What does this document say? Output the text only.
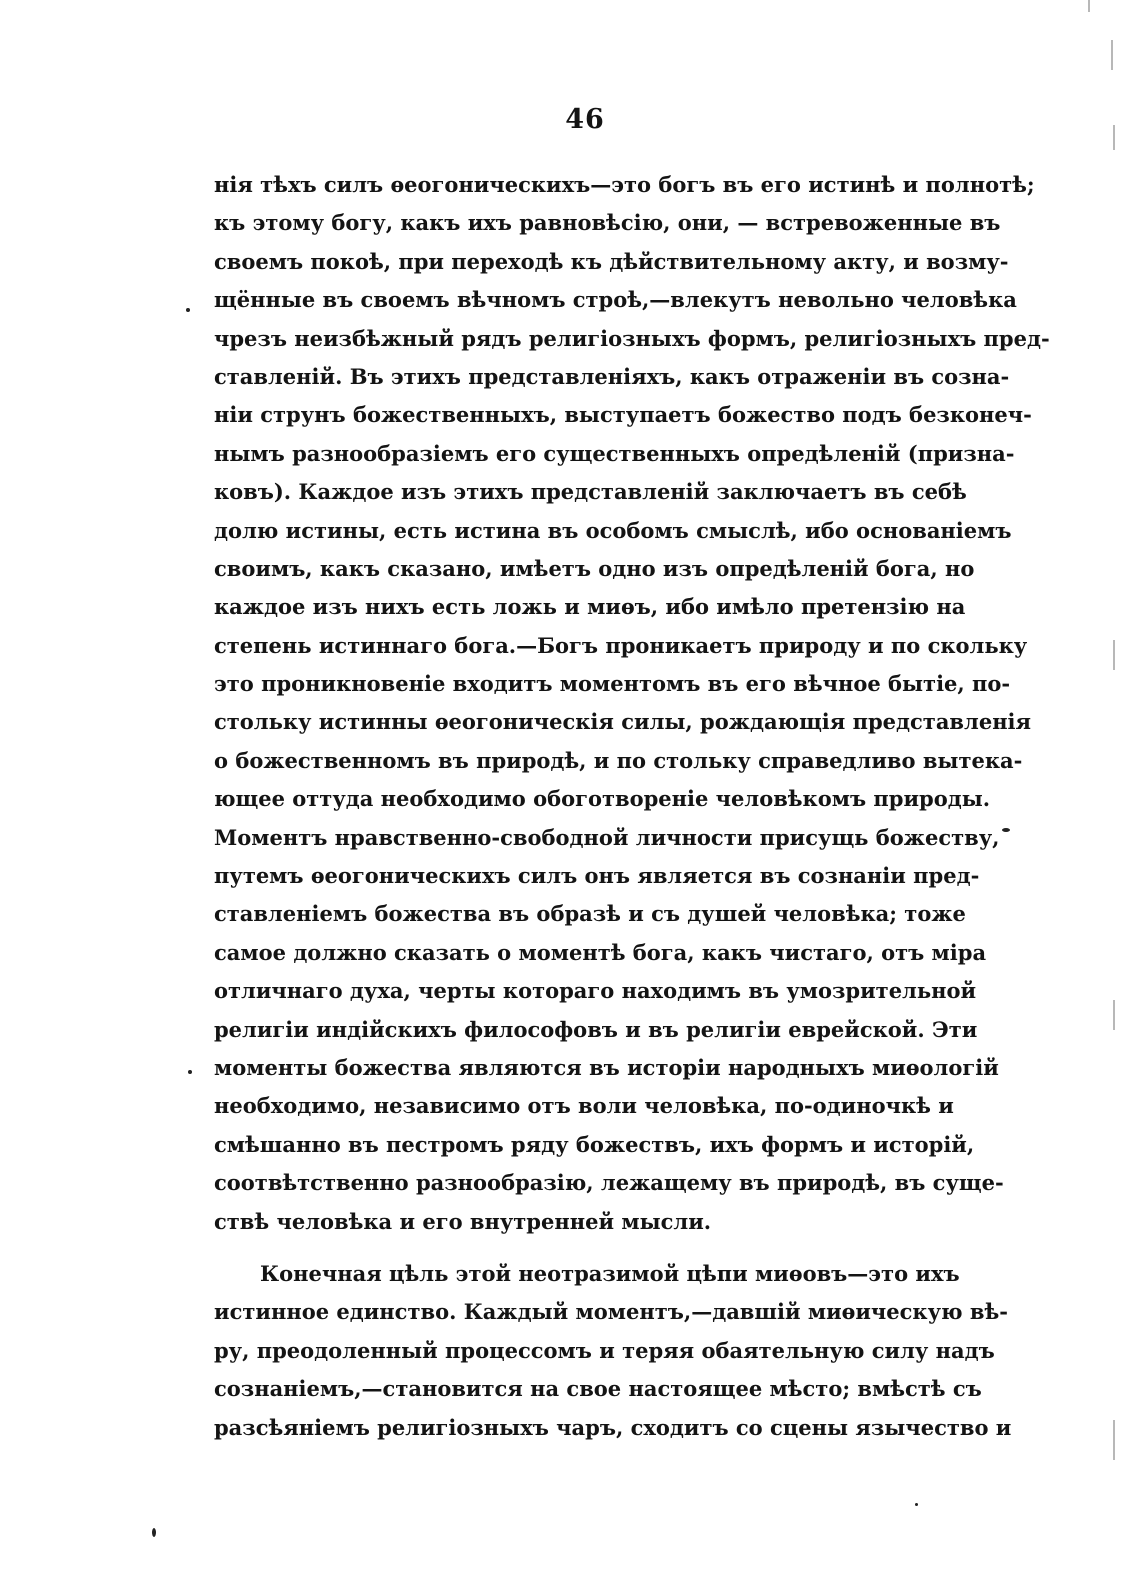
46
нія тѣхъ силъ ѳеогоническихъ—это богъ въ его истинѣ и полнотѣ;
къ этому богу, какъ ихъ равновѣсію, они, — встревоженные въ
своемъ покоѣ, при переходѣ къ дѣйствительному акту, и возму-
щённые въ своемъ вѣчномъ строѣ,—влекутъ невольно человѣка
чрезъ неизбѣжный рядъ религіозныхъ формъ, религіозныхъ пред-
ставленій. Въ этихъ представленіяхъ, какъ отраженіи въ созна-
ніи струнъ божественныхъ, выступаетъ божество подъ безконеч-
нымъ разнообразіемъ его существенныхъ опредѣленій (призна-
ковъ). Каждое изъ этихъ представленій заключаетъ въ себѣ
долю истины, есть истина въ особомъ смыслѣ, ибо основаніемъ
своимъ, какъ сказано, имѣетъ одно изъ опредѣленій бога, но
каждое изъ нихъ есть ложь и миѳъ, ибо имѣло претензію на
степень истиннаго бога.—Богъ проникаетъ природу и по скольку
это проникновеніе входитъ моментомъ въ его вѣчное бытіе, по-
стольку истинны ѳеогоническія силы, рождающія представленія
о божественномъ въ природѣ, и по стольку справедливо вытека-
ющее оттуда необходимо обоготвореніе человѣкомъ природы.
Моментъ нравственно-свободной личности присущь божеству,
путемъ ѳеогоническихъ силъ онъ является въ сознаніи пред-
ставленіемъ божества въ образѣ и съ душей человѣка; тоже
самое должно сказать о моментѣ бога, какъ чистаго, отъ міра
отличнаго духа, черты котораго находимъ въ умозрительной
религіи индійскихъ философовъ и въ религіи еврейской. Эти
моменты божества являются въ исторіи народныхъ миѳологій
необходимо, независимо отъ воли человѣка, по-одиночкѣ и
смѣшанно въ пестромъ ряду божествъ, ихъ формъ и исторій,
соотвѣтственно разнообразію, лежащему въ природѣ, въ суще-
ствѣ человѣка и его внутренней мысли.
Конечная цѣль этой неотразимой цѣпи миѳовъ—это ихъ
истинное единство. Каждый моментъ,—давшій миѳическую вѣ-
ру, преодоленный процессомъ и теряя обаятельную силу надъ
сознаніемъ,—становится на свое настоящее мѣсто; вмѣстѣ съ
разсѣяніемъ религіозныхъ чаръ, сходитъ со сцены язычество и
